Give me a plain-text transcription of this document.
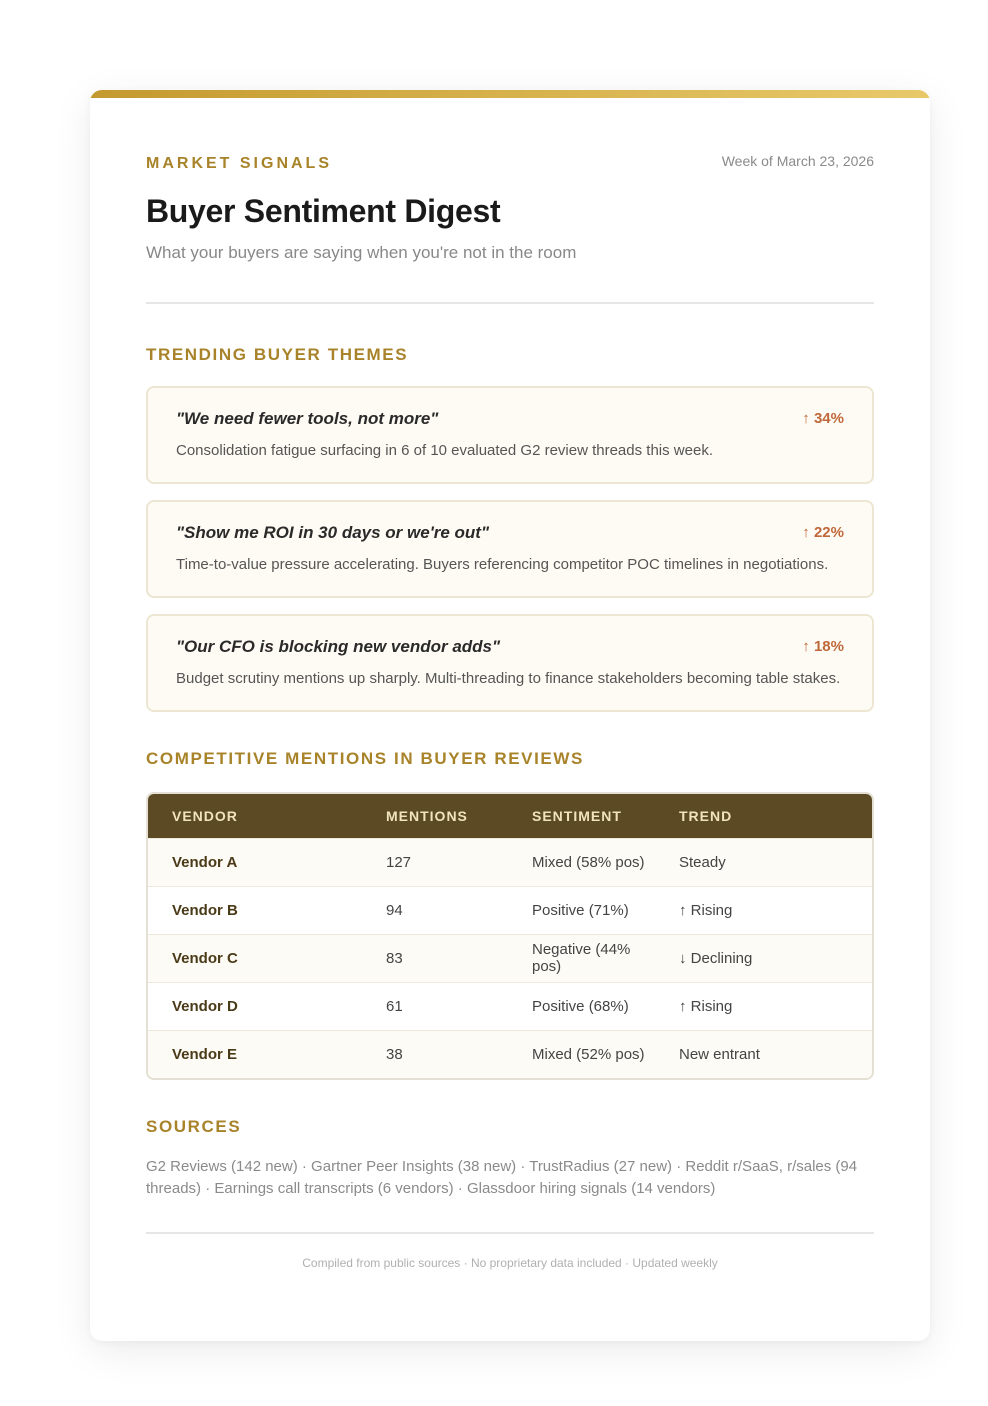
MARKET SIGNALS	Week of March 23, 2026
Buyer Sentiment Digest
What your buyers are saying when you're not in the room
TRENDING BUYER THEMES
"We need fewer tools, not more"	↑ 34%
Consolidation fatigue surfacing in 6 of 10 evaluated G2 review threads this week.
"Show me ROI in 30 days or we're out"	↑ 22%
Time-to-value pressure accelerating. Buyers referencing competitor POC timelines in negotiations.
"Our CFO is blocking new vendor adds"	↑ 18%
Budget scrutiny mentions up sharply. Multi-threading to finance stakeholders becoming table stakes.
COMPETITIVE MENTIONS IN BUYER REVIEWS
VENDOR	MENTIONS	SENTIMENT	TREND
Vendor A	127	Mixed (58% pos)	Steady
Vendor B	94	Positive (71%)	↑ Rising
Vendor C	83	Negative (44% pos)	↓ Declining
Vendor D	61	Positive (68%)	↑ Rising
Vendor E	38	Mixed (52% pos)	New entrant
SOURCES

G2 Reviews (142 new) · Gartner Peer Insights (38 new) · TrustRadius (27 new) · Reddit r/SaaS, r/sales (94 threads) · Earnings call transcripts (6 vendors) · Glassdoor hiring signals (14 vendors)

Compiled from public sources · No proprietary data included · Updated weekly
